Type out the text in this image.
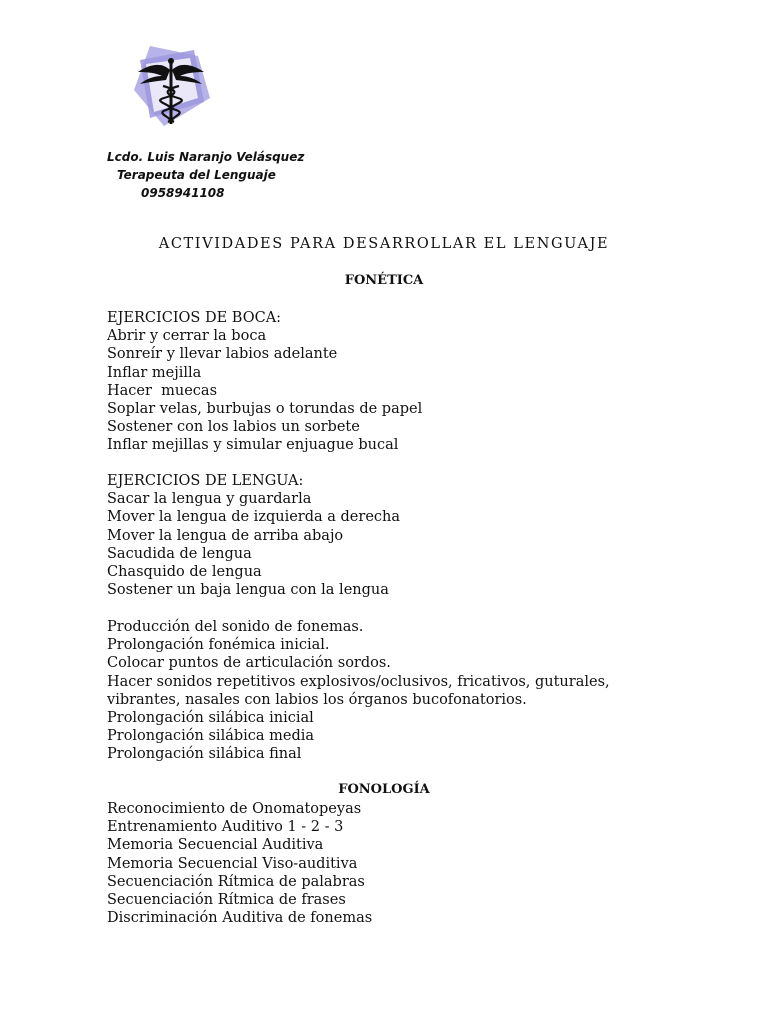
Lcdo. Luis Naranjo Velásquez
Terapeuta del Lenguaje
0958941108
ACTIVIDADES PARA DESARROLLAR EL LENGUAJE
FONÉTICA
EJERCICIOS DE BOCA:
Abrir y cerrar la boca
Sonreír y llevar labios adelante
Inflar mejilla
Hacer  muecas
Soplar velas, burbujas o torundas de papel
Sostener con los labios un sorbete
Inflar mejillas y simular enjuague bucal
EJERCICIOS DE LENGUA:
Sacar la lengua y guardarla
Mover la lengua de izquierda a derecha
Mover la lengua de arriba abajo
Sacudida de lengua
Chasquido de lengua
Sostener un baja lengua con la lengua
Producción del sonido de fonemas.
Prolongación fonémica inicial.
Colocar puntos de articulación sordos.
Hacer sonidos repetitivos explosivos/oclusivos, fricativos, guturales,
vibrantes, nasales con labios los órganos bucofonatorios.
Prolongación silábica inicial
Prolongación silábica media
Prolongación silábica final
FONOLOGÍA
Reconocimiento de Onomatopeyas
Entrenamiento Auditivo 1 - 2 - 3
Memoria Secuencial Auditiva
Memoria Secuencial Viso-auditiva
Secuenciación Rítmica de palabras
Secuenciación Rítmica de frases
Discriminación Auditiva de fonemas
